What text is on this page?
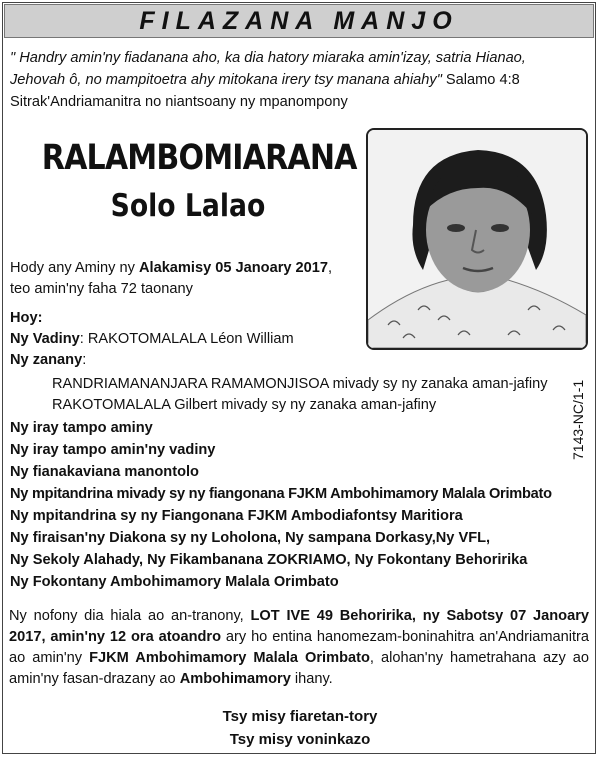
FILAZANA MANJO
" Handry amin'ny fiadanana aho, ka dia hatory miaraka amin'izay, satria Hianao,
Jehovah ô, no mampitoetra ahy mitokana irery tsy manana ahiahy" Salamo 4:8
Sitrak'Andriamanitra no niantsoany ny mpanompony
RALAMBOMIARANA
Solo Lalao
Hody any Aminy ny Alakamisy 05 Janoary 2017,
teo amin'ny faha 72 taonany
Hoy:
Ny Vadiny: RAKOTOMALALA Léon William
Ny zanany:
RANDRIAMANANJARA RAMAMONJISOA mivady sy ny zanaka aman-jafiny
RAKOTOMALALA Gilbert mivady sy ny zanaka aman-jafiny
Ny iray tampo aminy
Ny iray tampo amin'ny vadiny
Ny fianakaviana manontolo
Ny mpitandrina mivady sy ny fiangonana FJKM Ambohimamory Malala Orimbato
Ny mpitandrina sy ny Fiangonana FJKM Ambodiafontsy Maritiora
Ny firaisan'ny Diakona sy ny Loholona, Ny sampana Dorkasy,Ny VFL,
Ny Sekoly Alahady, Ny Fikambanana ZOKRIAMO, Ny Fokontany Behoririka
Ny Fokontany Ambohimamory Malala Orimbato
7143-NC/1-1
Ny nofony dia hiala ao an-tranony, LOT IVE 49 Behoririka, ny Sabotsy 07 Janoary 2017, amin'ny 12 ora atoandro ary ho entina hanomezam-boninahitra an'Andriamanitra ao amin'ny FJKM Ambohimamory Malala Orimbato, alohan'ny hametrahana azy ao amin'ny fasan-drazany ao Ambohimamory ihany.
Tsy misy fiaretan-tory
Tsy misy voninkazo
